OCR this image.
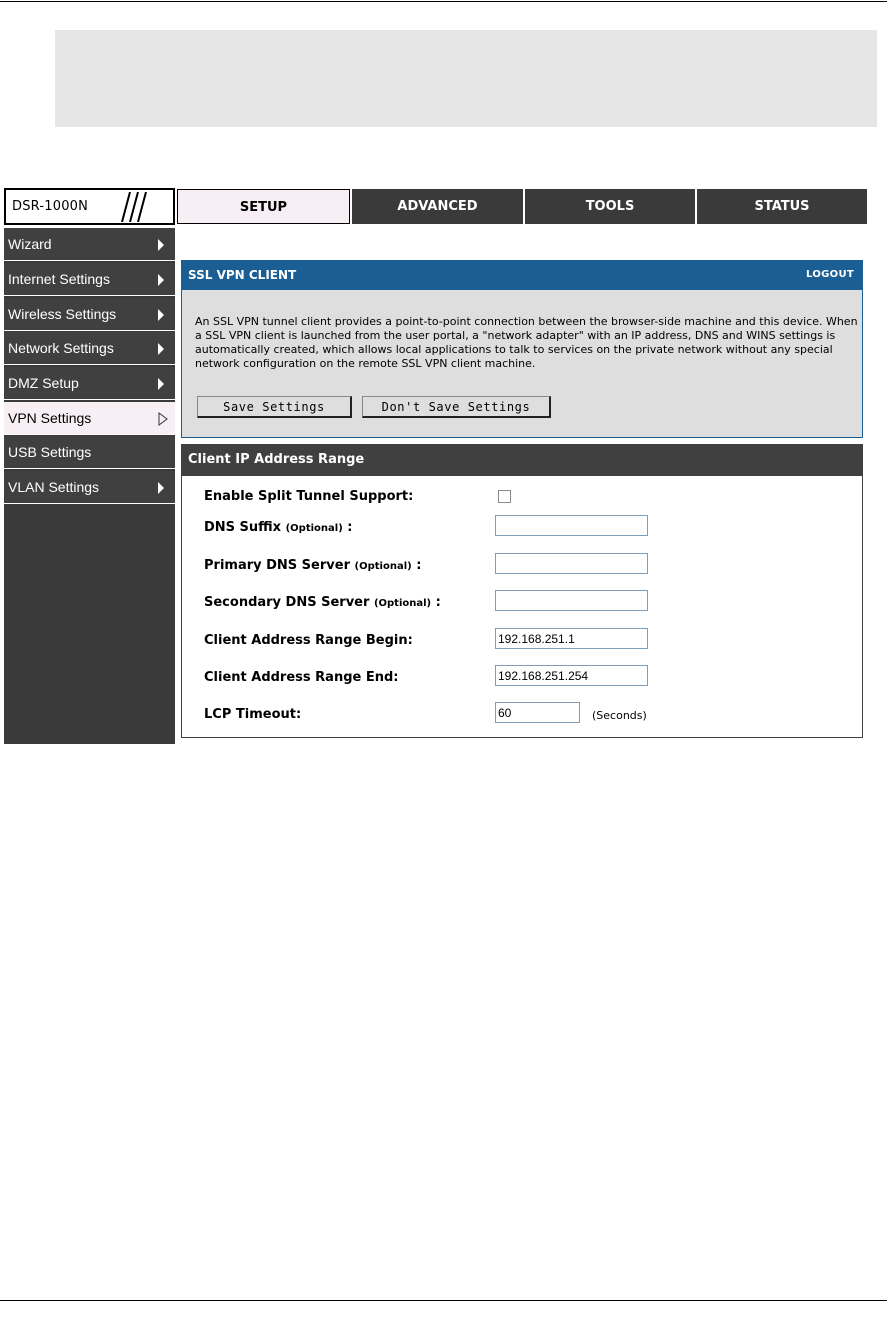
DSR-1000N	SETUP	ADVANCED	TOOLS	STATUS
Wizard
Internet Settings
Wireless Settings
Network Settings
DMZ Setup
VPN Settings
USB Settings
VLAN Settings
SSL VPN CLIENT	LOGOUT
An SSL VPN tunnel client provides a point-to-point connection between the browser-side machine and this device. When a SSL VPN client is launched from the user portal, a "network adapter" with an IP address, DNS and WINS settings is automatically created, which allows local applications to talk to services on the private network without any special network configuration on the remote SSL VPN client machine.
Save Settings	Don't Save Settings
Client IP Address Range
Enable Split Tunnel Support:
DNS Suffix (Optional) :
Primary DNS Server (Optional) :
Secondary DNS Server (Optional) :
Client Address Range Begin:
192.168.251.1
Client Address Range End:
192.168.251.254
LCP Timeout:
60	(Seconds)
